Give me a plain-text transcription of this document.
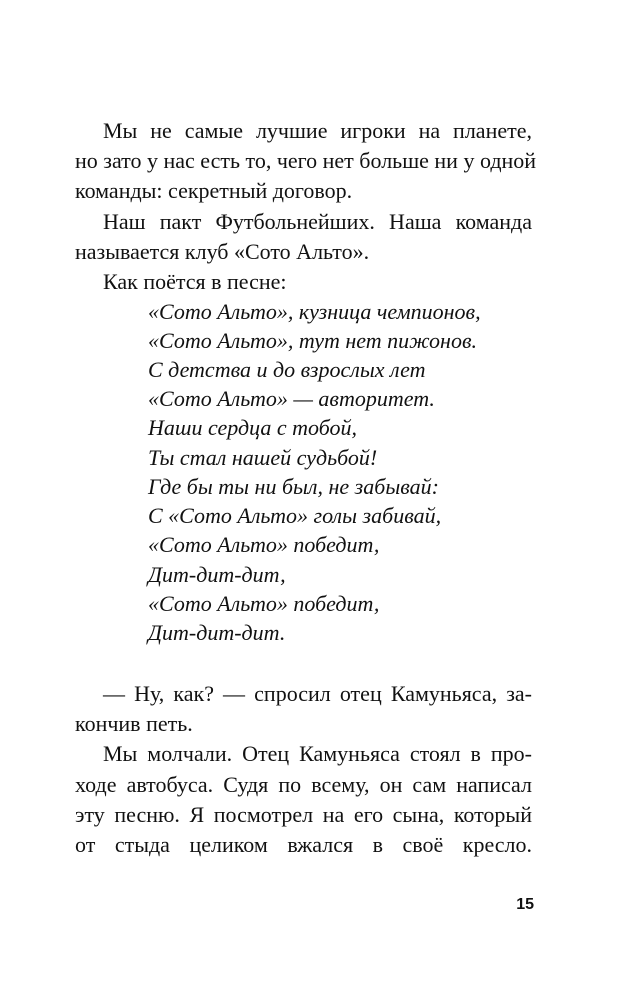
Мы не самые лучшие игроки на планете,

но зато у нас есть то, чего нет больше ни у одной

команды: секретный договор.

Наш пакт Футбольнейших. Наша команда

называется клуб «Сото Альто».

Как поётся в песне:

«Сото Альто», кузница чемпионов,

«Сото Альто», тут нет пижонов.

С детства и до взрослых лет

«Сото Альто» — авторитет.

Наши сердца с тобой,

Ты стал нашей судьбой!

Где бы ты ни был, не забывай:

С «Сото Альто» голы забивай,

«Сото Альто» победит,

Дит-дит-дит,

«Сото Альто» победит,

Дит-дит-дит.

— Ну, как? — спросил отец Камуньяса, за-

кончив петь.

Мы молчали. Отец Камуньяса стоял в про-

ходе автобуса. Судя по всему, он сам написал

эту песню. Я посмотрел на его сына, который

от стыда целиком вжался в своё кресло.

15
